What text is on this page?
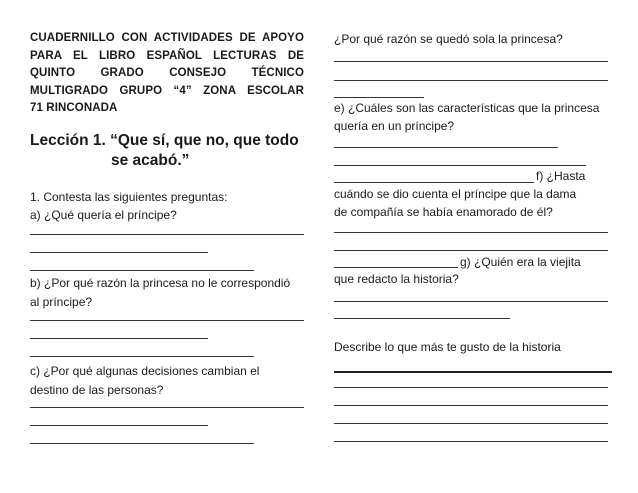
CUADERNILLO CON ACTIVIDADES DE APOYO
PARA EL LIBRO ESPAÑOL LECTURAS DE
QUINTO GRADO CONSEJO TÉCNICO
MULTIGRADO GRUPO “4” ZONA ESCOLAR
71 RINCONADA
Lección 1. “Que sí, que no, que todo
se acabó.”
1. Contesta las siguientes preguntas:
a) ¿Qué quería el príncipe?
b) ¿Por qué razón la princesa no le correspondió
al príncipe?
c) ¿Por qué algunas decisiones cambian el
destino de las personas?
¿Por qué razón se quedó sola la princesa?
e) ¿Cuáles son las características que la princesa
quería en un príncipe?
f) ¿Hasta
cuándo se dio cuenta el príncipe que la dama
de compañía se había enamorado de él?
g) ¿Quién era la viejita
que redacto la historia?
Describe lo que más te gusto de la historia
